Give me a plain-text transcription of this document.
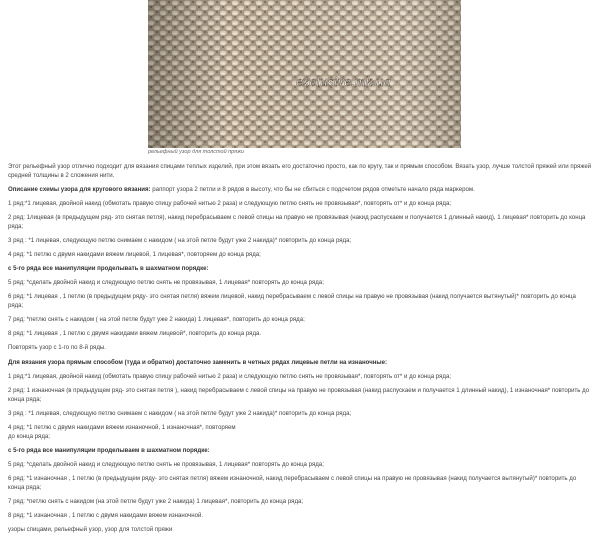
exclusive.mk.ua
рельефный узор для толстой пряжи

Этот рельефный узор отлично подходит для вязания спицами теплых изделий, при этом вязать его достаточно просто, как по кругу, так и прямым способом. Вязать узор, лучше толстой пряжей или пряжей средней толщины в 2 сложения нити.

Описание схемы узора для кругового вязания: раппорт узора 2 петли и 8 рядов в высоту, что бы не сбиться с подсчетом рядов отметьте начало ряда маркером.

1 ряд:*1 лицевая, двойной накид (обмотать правую спицу рабочей нитью 2 раза) и следующую петлю снять не провязывая*, повторять от* и до конца ряда;

2 ряд: 1лицевая (в предыдущем ряд- это снятая петля), накид перебрасываем с левой спицы на правую не провязывая (накид распускаем и получается 1 длинный накид), 1 лицевая* повторить до конца ряда;

3 ряд : *1 лицевая, следующую петлю снимаем с накидом ( на этой петле будут уже 2 накида)* повторить до конца ряда;

4 ряд: *1 петлю с двумя накидами вяжем лицевой, 1 лицевая*, повторяем до конца ряда;

с 5-го ряда все манипуляции проделывать в шахматном порядке:

5 ряд: *сделать двойной накид и следующую петлю снять не провязывая, 1 лицевая* повторять до конца ряда;

6 ряд: *1 лицевая , 1 петлю (в предыдущем ряду- это снятая петля) вяжем лицевой, накид перебрасываем с левой спицы на правую не провязывая (накид получается вытянутый)* повторить до конца ряда;

7 ряд: *петлю снять с накидом ( на этой петле будут уже 2 накида) 1 лицевая*, повторить до конца ряда;

8 ряд: *1 лицевая , 1 петлю с двумя накидами вяжем лицевой*, повторить до конца ряда.

Повторять узор с 1-го по 8-й ряды.

Для вязания узора прямым способом (туда и обратно) достаточно заменить в четных рядах лицевые петли на изнаночные:

1 ряд:*1 лицевая, двойной накид (обмотать правую спицу рабочей нитью 2 раза) и следующую петлю снять не провязывая*, повторять от* и до конца ряда;

2 ряд: 1 изнаночная (в предыдущем ряд- это снятая петля ), накид перебрасываем с левой спицы на правую не провязывая (накид распускаем и получается 1 длинный накид), 1 изнаночная* повторить до конца ряда;

3 ряд : *1 лицевая, следующую петлю снимаем с накидом ( на этой петле будут уже 2 накида)* повторить до конца ряда;

4 ряд: *1 петлю с двумя накидами вяжем изнаночной, 1 изнаночная*, повторяем
до конца ряда;

с 5-го ряда все манипуляции проделываем в шахматном порядке:

5 ряд: *сделать двойной накид и следующую петлю снять не провязывая, 1 лицевая* повторять до конца ряда;

6 ряд: *1 изнаночная , 1 петлю (в предыдущем ряду- это снятая петля) вяжем изнаночной, накид перебрасываем с левой спицы на правую не провязывая (накид получается вытянутый)* повторить до конца ряда;

7 ряд: *петлю снять с накидом (на этой петле будут уже 2 накида) 1 лицевая*, повторить до конца ряда;

8 ряд: *1 изнаночная , 1 петлю с двумя накидами вяжем изнаночной.

узоры спицами, рельефный узор, узор для толстой пряжи
